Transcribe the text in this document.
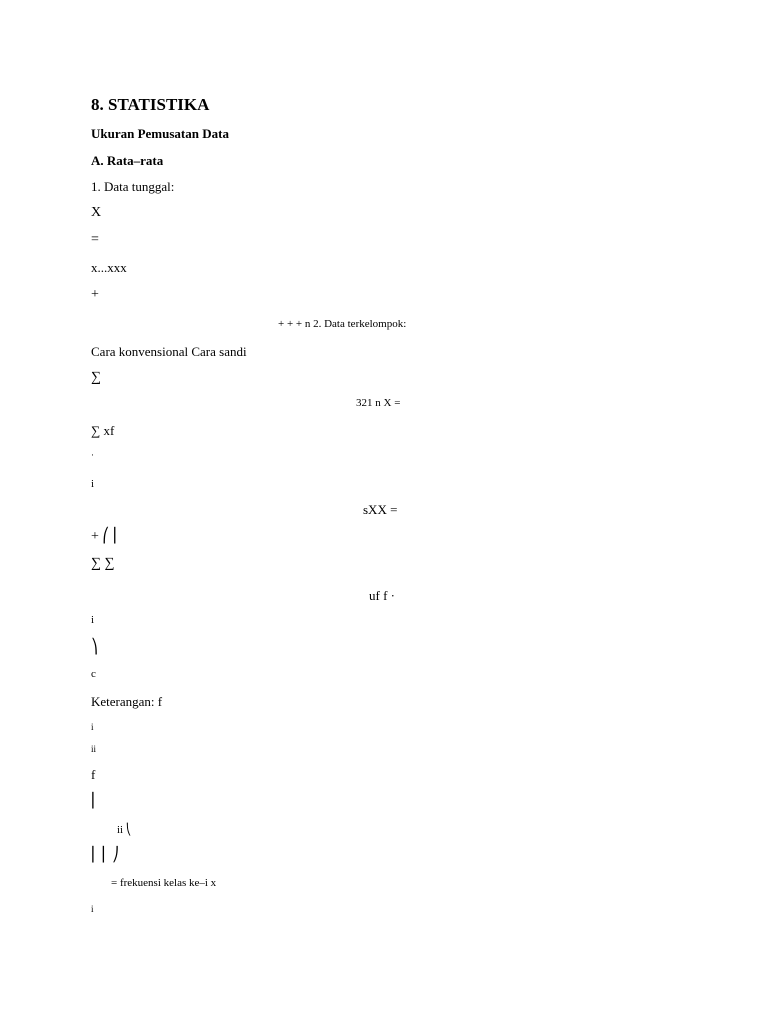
8. STATISTIKA
Ukuran Pemusatan Data
A. Rata–rata
1. Data tunggal:
X
=
x...xxx
+
+ + + n 2. Data terkelompok:
Cara konvensional Cara sandi
∑
321 n X =
∑ xf
·
i
sXX =
+ ⎛ ⎜
∑ ∑
uf f ·
i
⎞
c
Keterangan: f
i
ii
f
⎜
ii ⎝
⎜ ⎜ ⎠
= frekuensi kelas ke–i x
i
